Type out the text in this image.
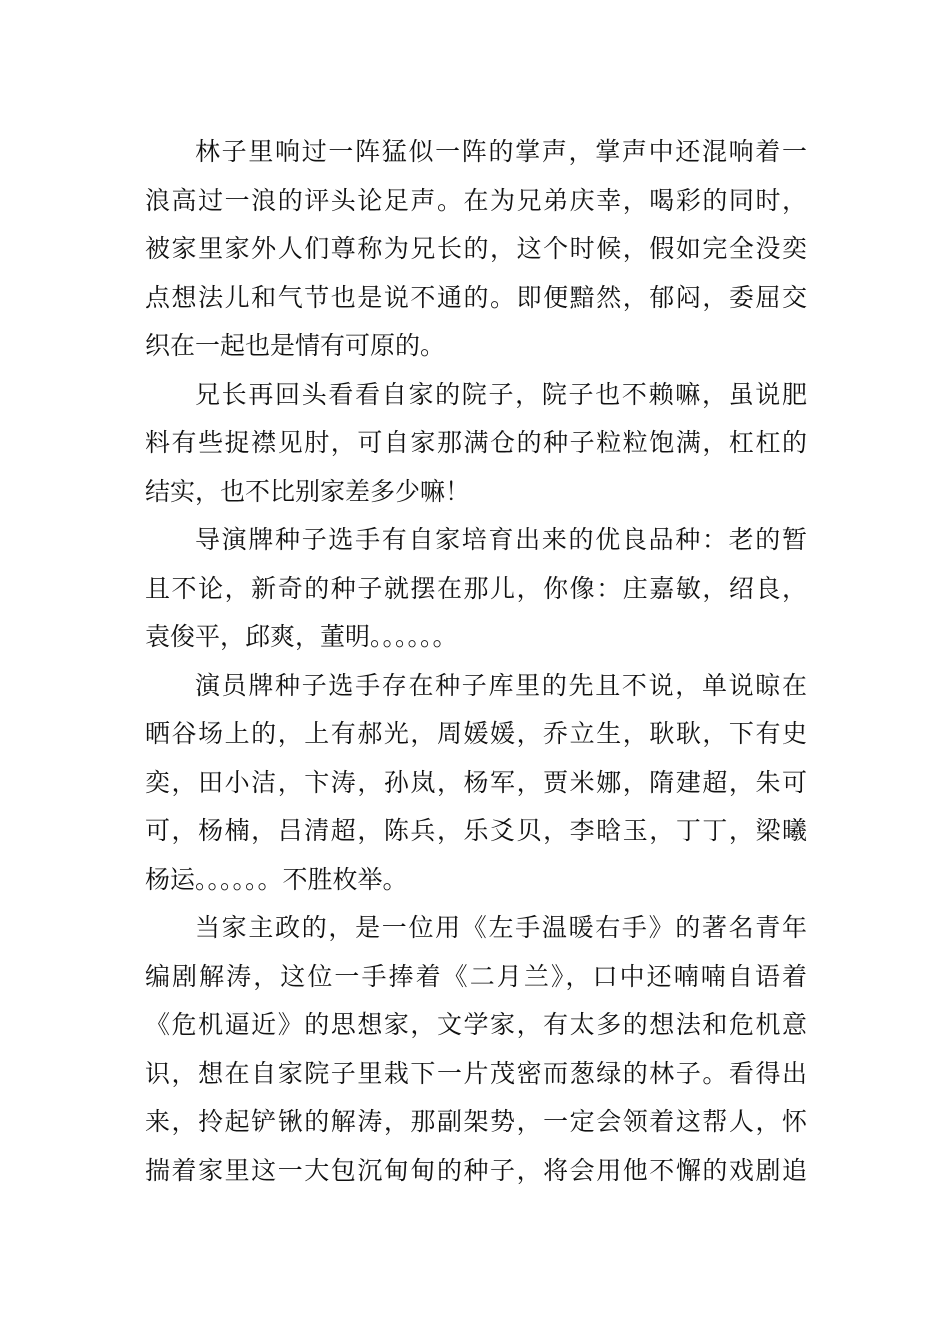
林子里响过一阵猛似一阵的掌声，掌声中还混响着一
浪高过一浪的评头论足声。在为兄弟庆幸，喝彩的同时，
被家里家外人们尊称为兄长的，这个时候，假如完全没奕
点想法儿和气节也是说不通的。即便黯然，郁闷，委屈交
织在一起也是情有可原的。
兄长再回头看看自家的院子，院子也不赖嘛，虽说肥
料有些捉襟见肘，可自家那满仓的种子粒粒饱满，杠杠的
结实，也不比别家差多少嘛！
导演牌种子选手有自家培育出来的优良品种：老的暂
且不论，新奇的种子就摆在那儿，你像：庄嘉敏，绍良，
袁俊平，邱爽，董明。。。。。。
演员牌种子选手存在种子库里的先且不说，单说晾在
晒谷场上的，上有郝光，周媛媛，乔立生，耿耿，下有史
奕，田小洁，卞涛，孙岚，杨军，贾米娜，隋建超，朱可
可，杨楠，吕清超，陈兵，乐爻贝，李晗玉，丁丁，梁曦
杨运。。。。。。不胜枚举。
当家主政的，是一位用《左手温暖右手》的著名青年
编剧解涛，这位一手捧着《二月兰》，口中还喃喃自语着
《危机逼近》的思想家，文学家，有太多的想法和危机意
识，想在自家院子里栽下一片茂密而葱绿的林子。看得出
来，拎起铲锹的解涛，那副架势，一定会领着这帮人，怀
揣着家里这一大包沉甸甸的种子，将会用他不懈的戏剧追
